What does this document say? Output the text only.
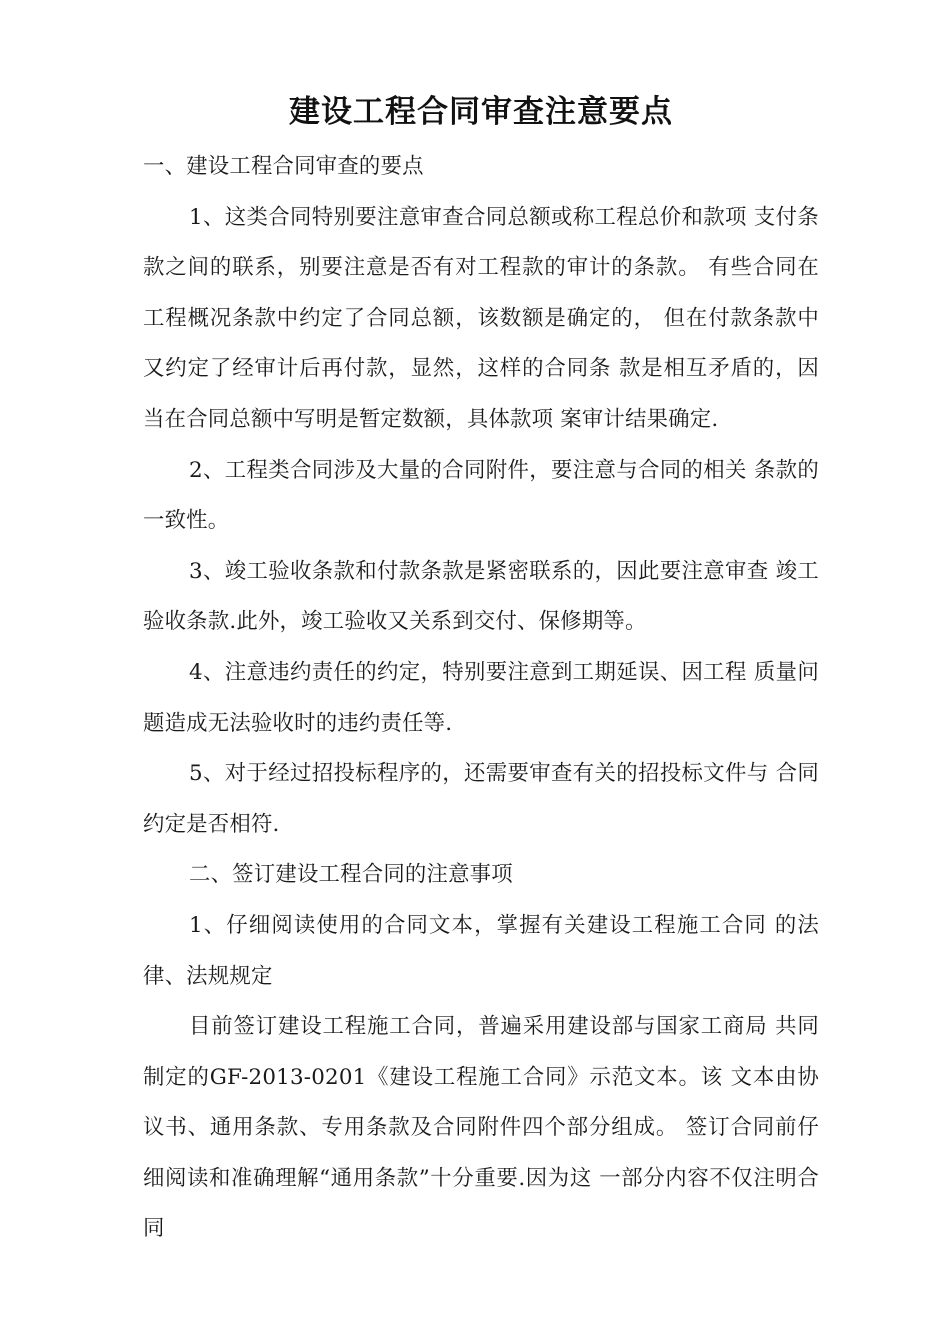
建设工程合同审查注意要点
一、建设工程合同审查的要点

1、这类合同特别要注意审查合同总额或称工程总价和款项 支付条款之间的联系，别要注意是否有对工程款的审计的条款。 有些合同在工程概况条款中约定了合同总额，该数额是确定的， 但在付款条款中又约定了经审计后再付款，显然，这样的合同条 款是相互矛盾的，因当在合同总额中写明是暂定数额，具体款项 案审计结果确定.

2、工程类合同涉及大量的合同附件，要注意与合同的相关 条款的一致性。

3、竣工验收条款和付款条款是紧密联系的，因此要注意审查 竣工验收条款.此外，竣工验收又关系到交付、保修期等。

4、注意违约责任的约定，特别要注意到工期延误、因工程 质量问题造成无法验收时的违约责任等.

5、对于经过招投标程序的，还需要审查有关的招投标文件与 合同约定是否相符.

二、签订建设工程合同的注意事项

1、仔细阅读使用的合同文本，掌握有关建设工程施工合同 的法律、法规规定

目前签订建设工程施工合同，普遍采用建设部与国家工商局 共同制定的GF-2013-0201《建设工程施工合同》示范文本。该 文本由协议书、通用条款、专用条款及合同附件四个部分组成。 签订合同前仔细阅读和准确理解“通用条款”十分重要.因为这 一部分内容不仅注明合同
